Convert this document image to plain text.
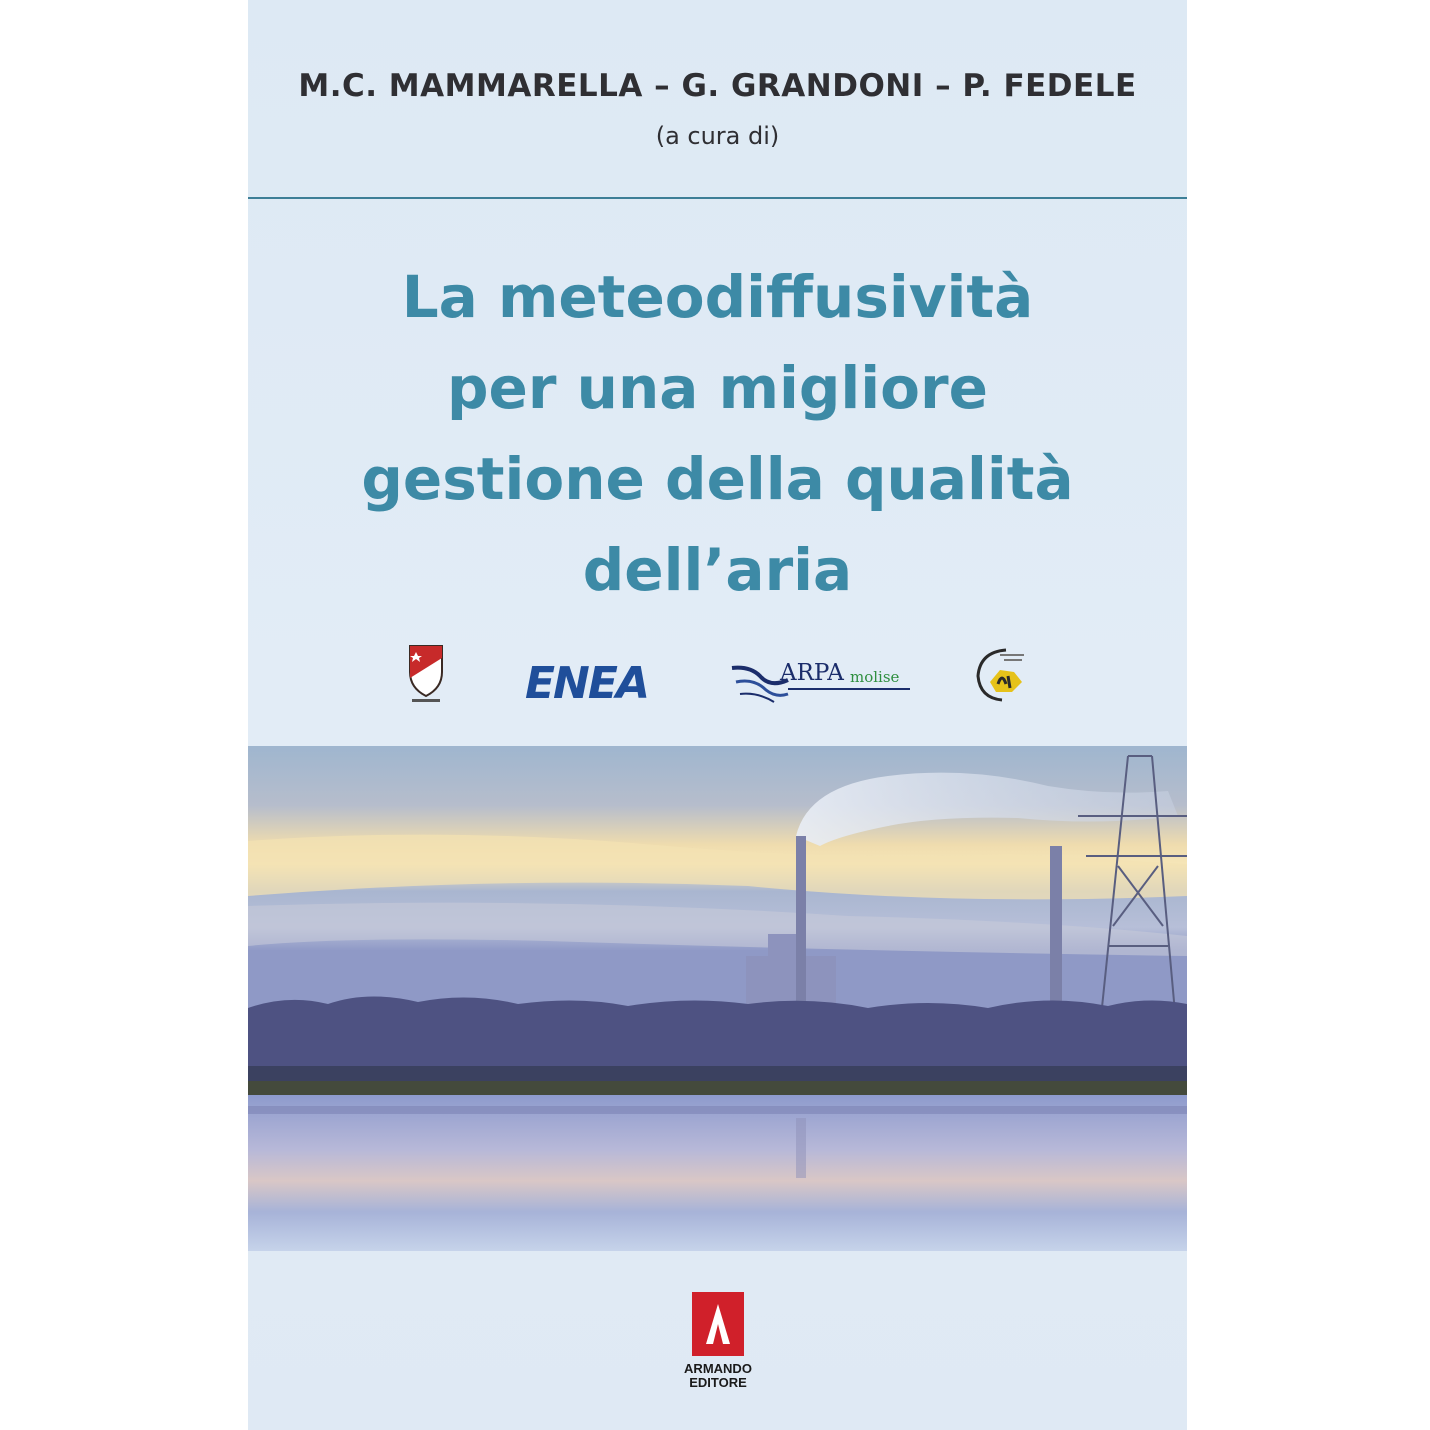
M.C. MAMMARELLA – G. GRANDONI – P. FEDELE
(a cura di)
La meteodiffusività
per una migliore
gestione della qualità
dell’aria
ENEA	ARPA molise
ARMANDO
EDITORE
